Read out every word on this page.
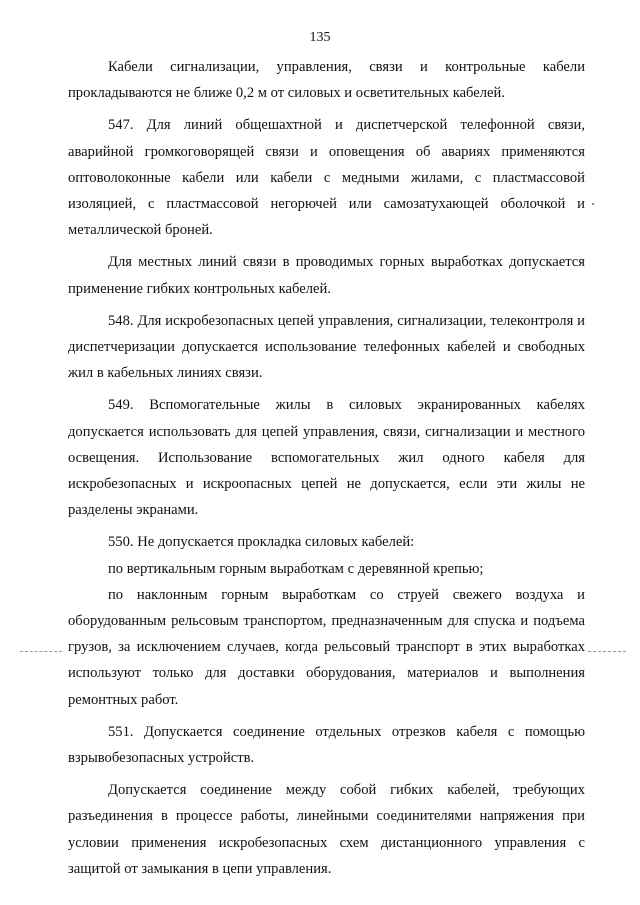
135

Кабели сигнализации, управления, связи и контрольные кабели прокладываются не ближе 0,2 м от силовых и осветительных кабелей.

547. Для линий общешахтной и диспетчерской телефонной связи, аварийной громкоговорящей связи и оповещения об авариях применяются оптоволоконные кабели или кабели с медными жилами, с пластмассовой изоляцией, с пластмассовой негорючей или самозатухающей оболочкой и металлической броней.

Для местных линий связи в проводимых горных выработках допускается применение гибких контрольных кабелей.

548. Для искробезопасных цепей управления, сигнализации, телеконтроля и диспетчеризации допускается использование телефонных кабелей и свободных жил в кабельных линиях связи.

549. Вспомогательные жилы в силовых экранированных кабелях допускается использовать для цепей управления, связи, сигнализации и местного освещения. Использование вспомогательных жил одного кабеля для искробезопасных и искроопасных цепей не допускается, если эти жилы не разделены экранами.

550. Не допускается прокладка силовых кабелей:

по вертикальным горным выработкам с деревянной крепью;

по наклонным горным выработкам со струей свежего воздуха и оборудованным рельсовым транспортом, предназначенным для спуска и подъема грузов, за исключением случаев, когда рельсовый транспорт в этих выработках используют только для доставки оборудования, материалов и выполнения ремонтных работ.

551. Допускается соединение отдельных отрезков кабеля с помощью взрывобезопасных устройств.

Допускается соединение между собой гибких кабелей, требующих разъединения в процессе работы, линейными соединителями напряжения при условии применения искробезопасных схем дистанционного управления с защитой от замыкания в цепи управления.
